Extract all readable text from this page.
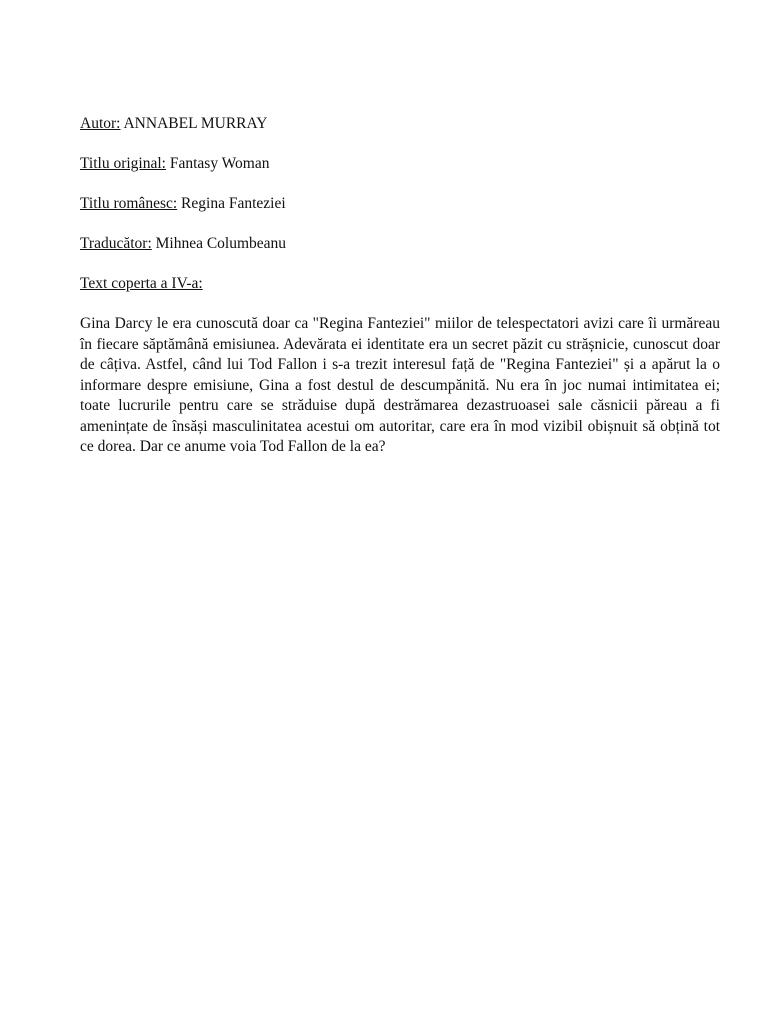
Autor: ANNABEL MURRAY

Titlu original: Fantasy Woman

Titlu românesc: Regina Fanteziei

Traducător: Mihnea Columbeanu

Text coperta a IV-a:

Gina Darcy le era cunoscută doar ca "Regina Fanteziei" miilor de telespectatori avizi care îi urmăreau în fiecare săptămână emisiunea. Adevărata ei identitate era un secret păzit cu strășnicie, cunoscut doar de câțiva. Astfel, când lui Tod Fallon i s-a trezit interesul față de "Regina Fanteziei" și a apărut la o informare despre emisiune, Gina a fost destul de descumpănită. Nu era în joc numai intimitatea ei; toate lucrurile pentru care se străduise după destrămarea dezastruoasei sale căsnicii păreau a fi amenințate de însăși masculinitatea acestui om autoritar, care era în mod vizibil obișnuit să obțină tot ce dorea. Dar ce anume voia Tod Fallon de la ea?
